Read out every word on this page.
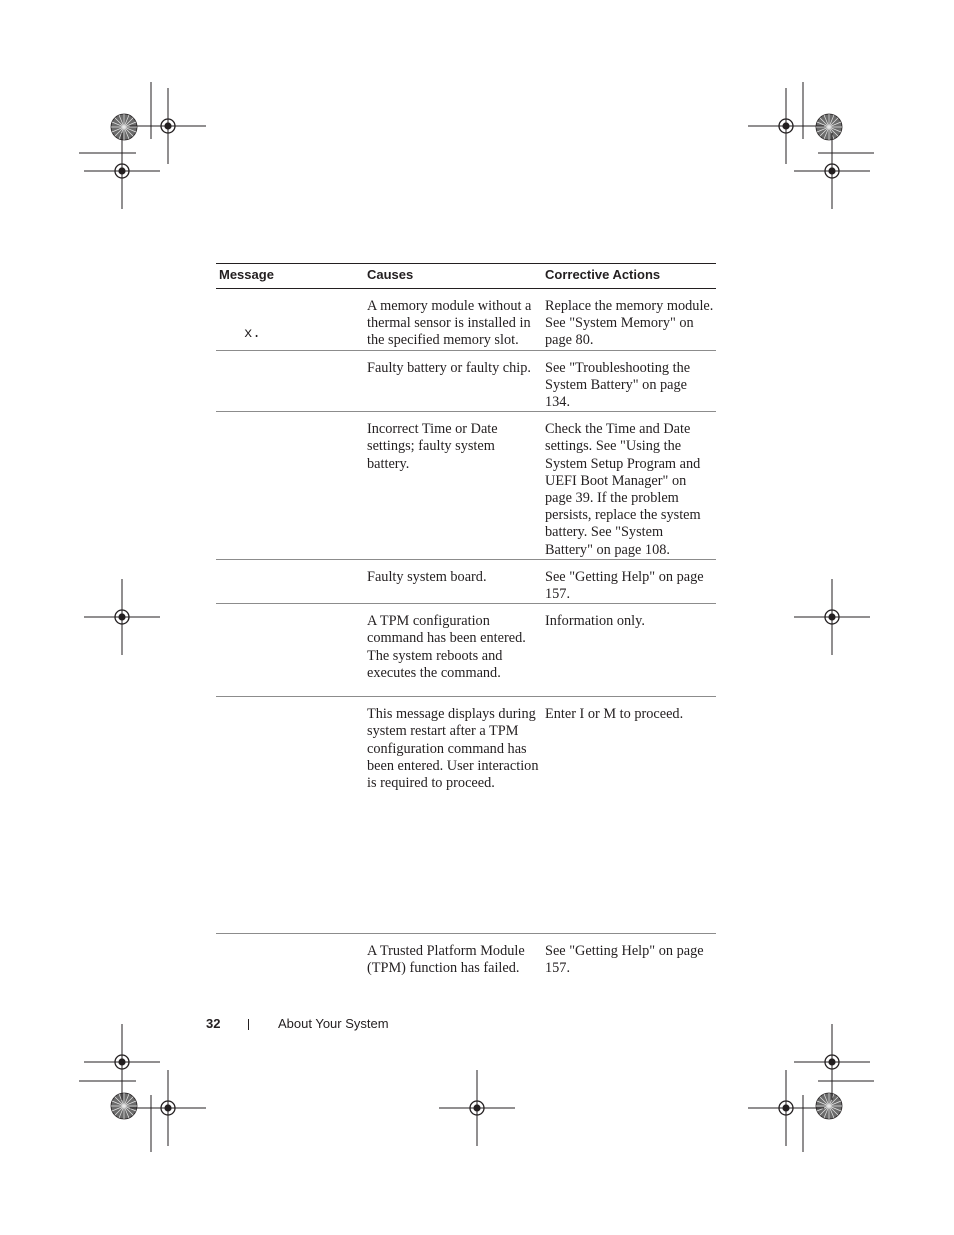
Message	Causes	Corrective Actions

x.	A memory module without a thermal sensor is installed in the specified memory slot.	Replace the memory module. See "System Memory" on page 80.
	Faulty battery or faulty chip.	See "Troubleshooting the System Battery" on page 134.
	Incorrect Time or Date settings; faulty system battery.	Check the Time and Date settings. See "Using the System Setup Program and UEFI Boot Manager" on page 39. If the problem persists, replace the system battery. See "System Battery" on page 108.
	Faulty system board.	See "Getting Help" on page 157.
	A TPM configuration command has been entered. The system reboots and executes the command.	Information only.
	This message displays during system restart after a TPM configuration command has been entered. User interaction is required to proceed.	Enter I or M to proceed.
	A Trusted Platform Module (TPM) function has failed.	See "Getting Help" on page 157.
32	About Your System
